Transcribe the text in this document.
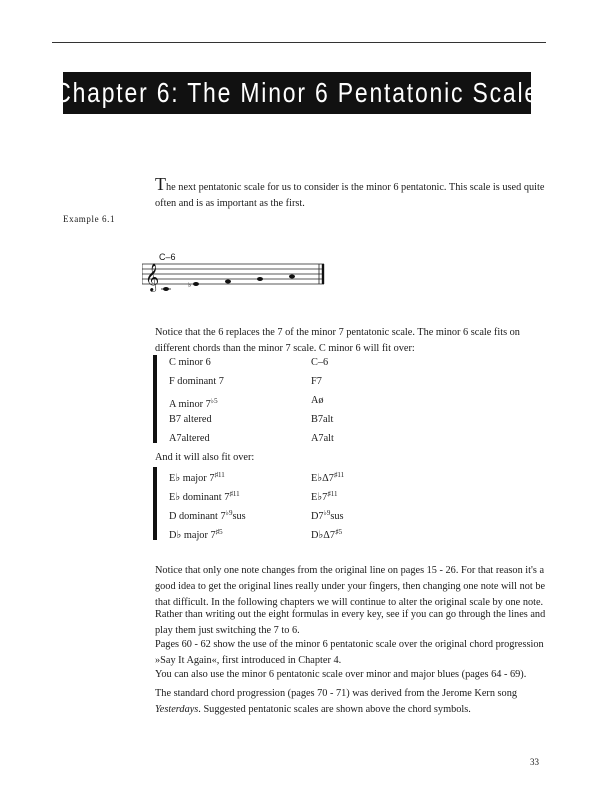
Chapter 6: The Minor 6 Pentatonic Scale

The next pentatonic scale for us to consider is the minor 6 pentatonic. This scale is used quite often and is as important as the first.

Example 6.1
C–6
𝄞	♭

Notice that the 6 replaces the 7 of the minor 7 pentatonic scale. The minor 6 scale fits on different chords than the minor 7 scale. C minor 6 will fit over:

C minor 6	C–6
F dominant 7	F7
A minor $7^{♭5}$	Aø
B7 altered	B7alt
A7altered	A7alt

And it will also fit over:

E♭ major $7^{♯11}$	$E♭\Delta 7^{♯11}$
E♭ dominant $7^{♯11}$	$E♭7^{♯11}$
D dominant $7^{♭9}sus$	$D7^{♭9}sus$
D♭ major $7^{♯5}$	$D♭\Delta 7^{♯5}$

Notice that only one note changes from the original line on pages 15 - 26. For that reason it's a good idea to get the original lines really under your fingers, then changing one note will not be that difficult. In the following chapters we will continue to alter the original scale by one note.

Rather than writing out the eight formulas in every key, see if you can go through the lines and play them just switching the 7 to 6.

Pages 60 - 62 show the use of the minor 6 pentatonic scale over the original chord progression »Say It Again«, first introduced in Chapter 4.

You can also use the minor 6 pentatonic scale over minor and major blues (pages 64 - 69).

The standard chord progression (pages 70 - 71) was derived from the Jerome Kern song Yesterdays. Suggested pentatonic scales are shown above the chord symbols.

33
